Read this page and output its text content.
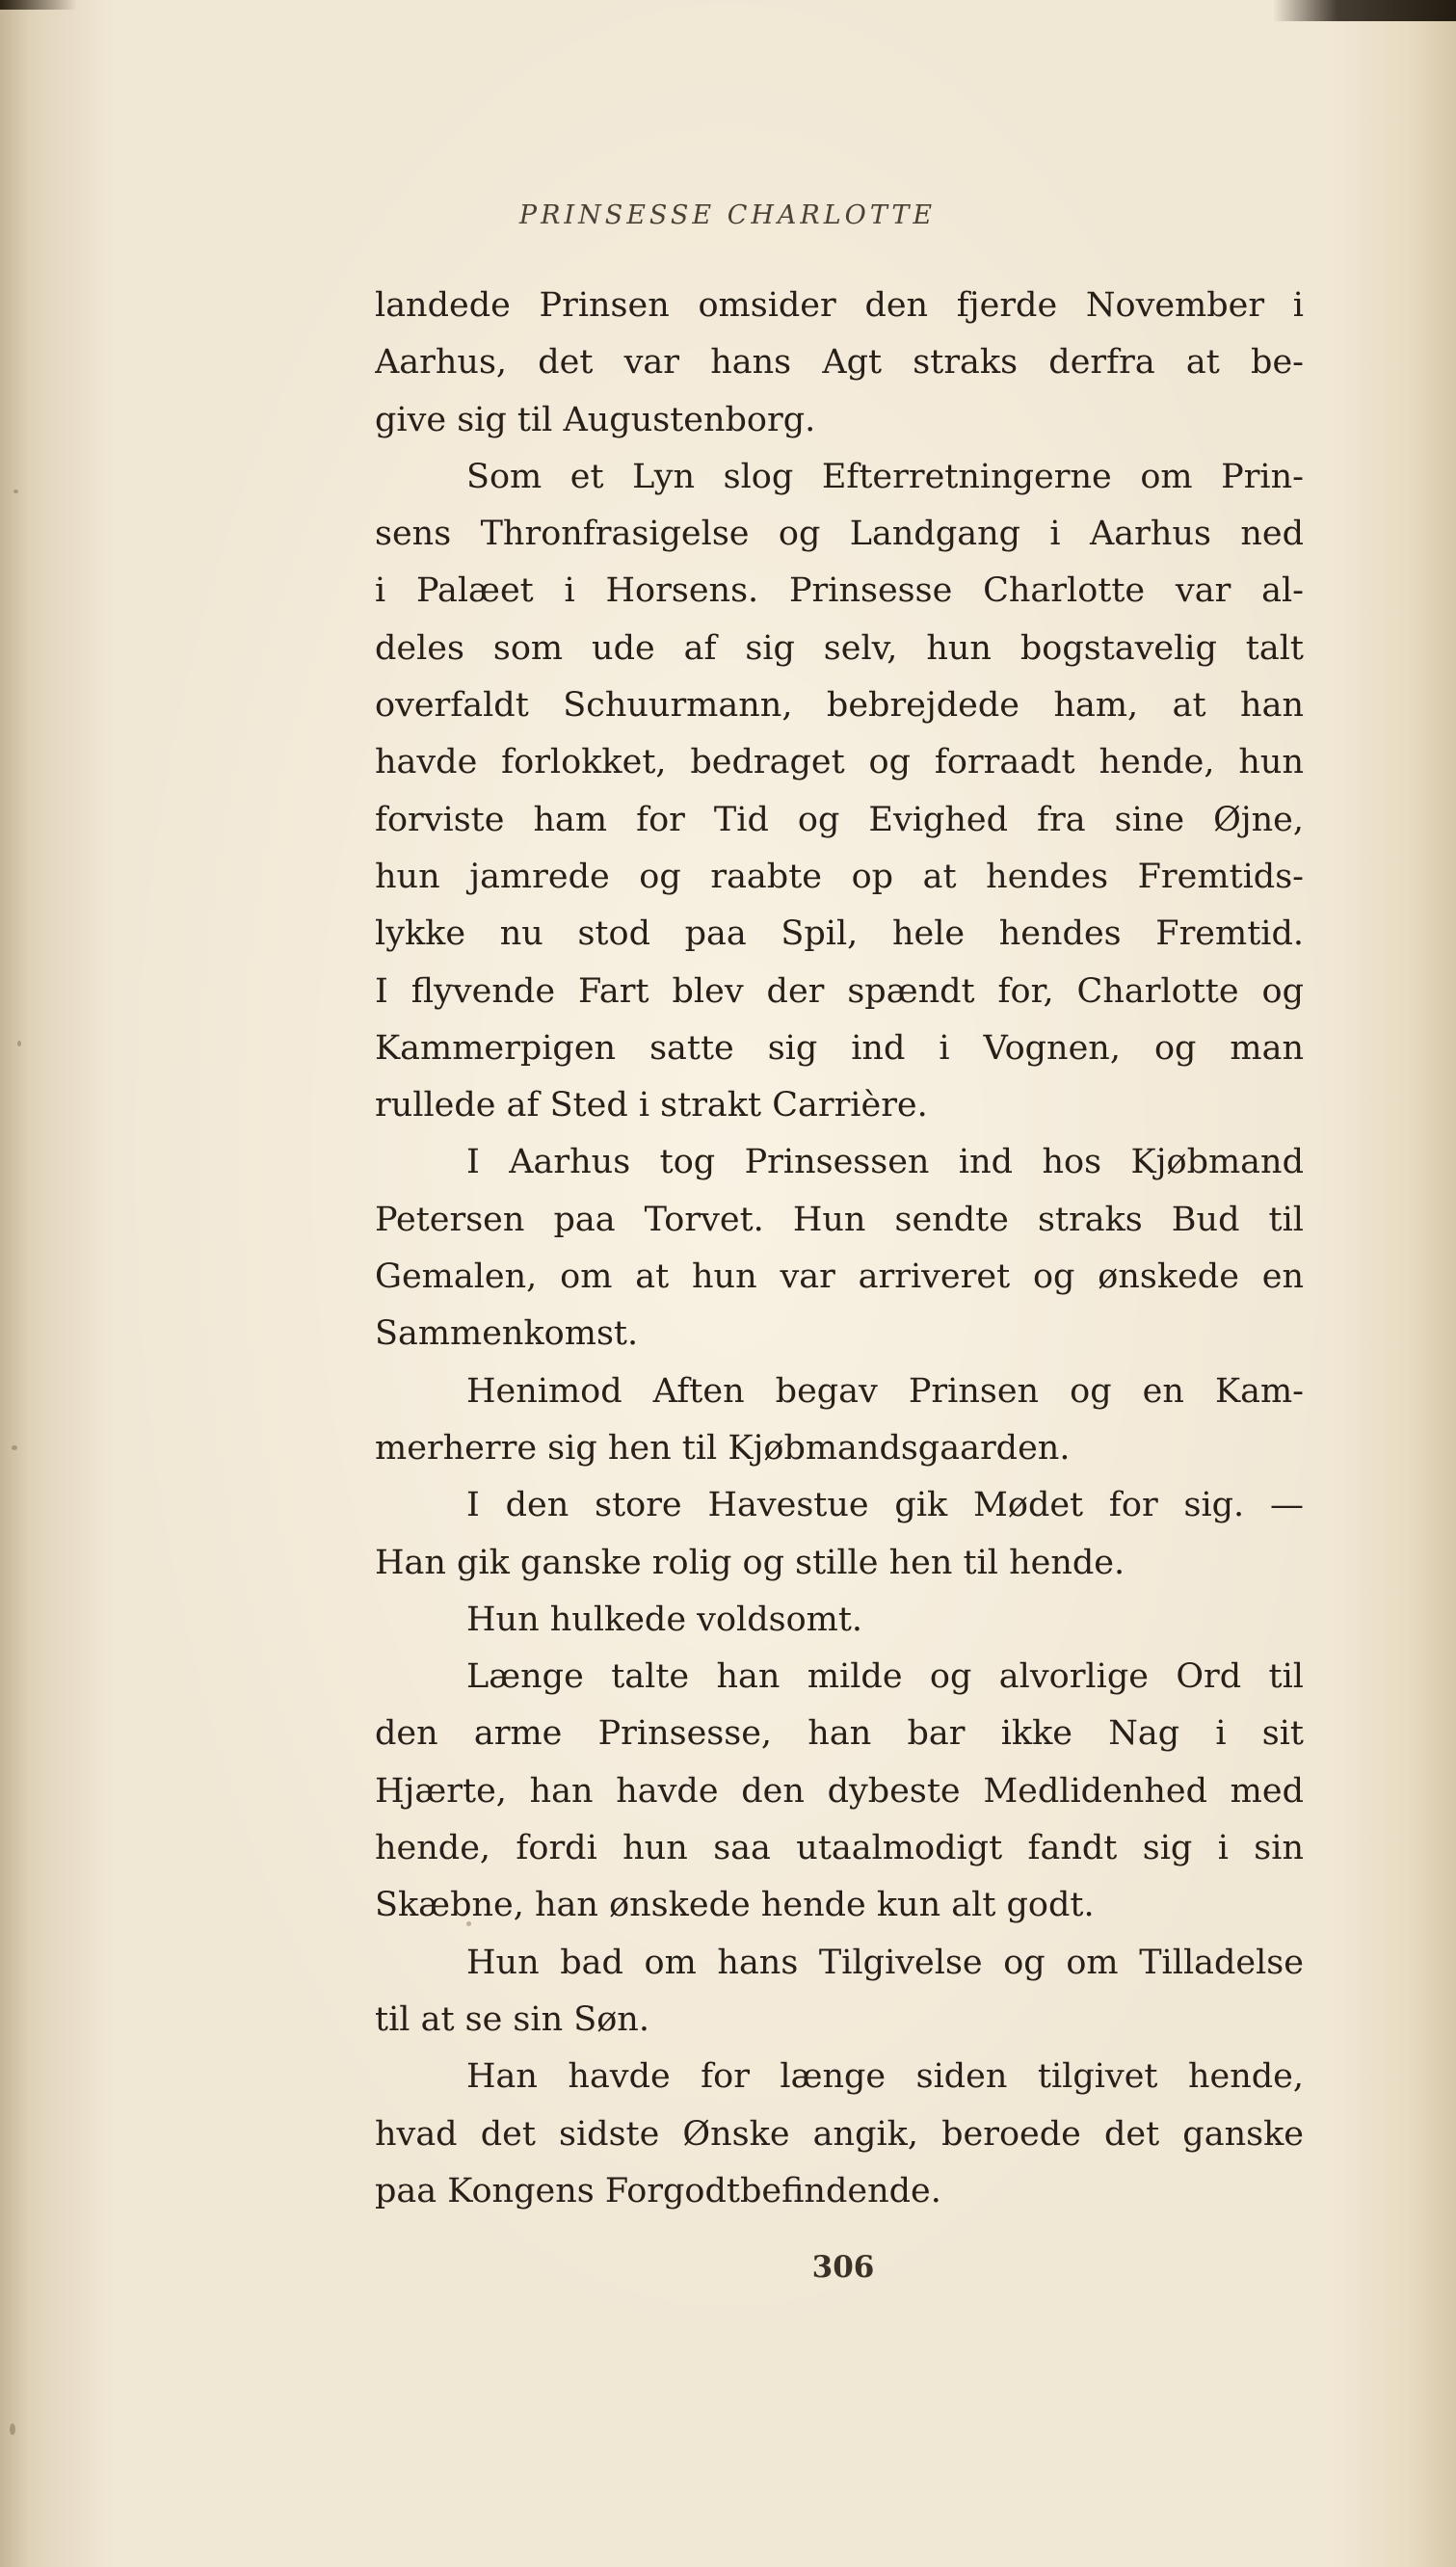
PRINSESSE CHARLOTTE
landede Prinsen omsider den fjerde November i
Aarhus, det var hans Agt straks derfra at be-
give sig til Augustenborg.
Som et Lyn slog Efterretningerne om Prin-
sens Thronfrasigelse og Landgang i Aarhus ned
i Palæet i Horsens. Prinsesse Charlotte var al-
deles som ude af sig selv, hun bogstavelig talt
overfaldt Schuurmann, bebrejdede ham, at han
havde forlokket, bedraget og forraadt hende, hun
forviste ham for Tid og Evighed fra sine Øjne,
hun jamrede og raabte op at hendes Fremtids-
lykke nu stod paa Spil, hele hendes Fremtid.
I flyvende Fart blev der spændt for, Charlotte og
Kammerpigen satte sig ind i Vognen, og man
rullede af Sted i strakt Carrière.
I Aarhus tog Prinsessen ind hos Kjøbmand
Petersen paa Torvet. Hun sendte straks Bud til
Gemalen, om at hun var arriveret og ønskede en
Sammenkomst.
Henimod Aften begav Prinsen og en Kam-
merherre sig hen til Kjøbmandsgaarden.
I den store Havestue gik Mødet for sig. —
Han gik ganske rolig og stille hen til hende.
Hun hulkede voldsomt.
Længe talte han milde og alvorlige Ord til
den arme Prinsesse, han bar ikke Nag i sit
Hjærte, han havde den dybeste Medlidenhed med
hende, fordi hun saa utaalmodigt fandt sig i sin
Skæbne, han ønskede hende kun alt godt.
Hun bad om hans Tilgivelse og om Tilladelse
til at se sin Søn.
Han havde for længe siden tilgivet hende,
hvad det sidste Ønske angik, beroede det ganske
paa Kongens Forgodtbefindende.
306
